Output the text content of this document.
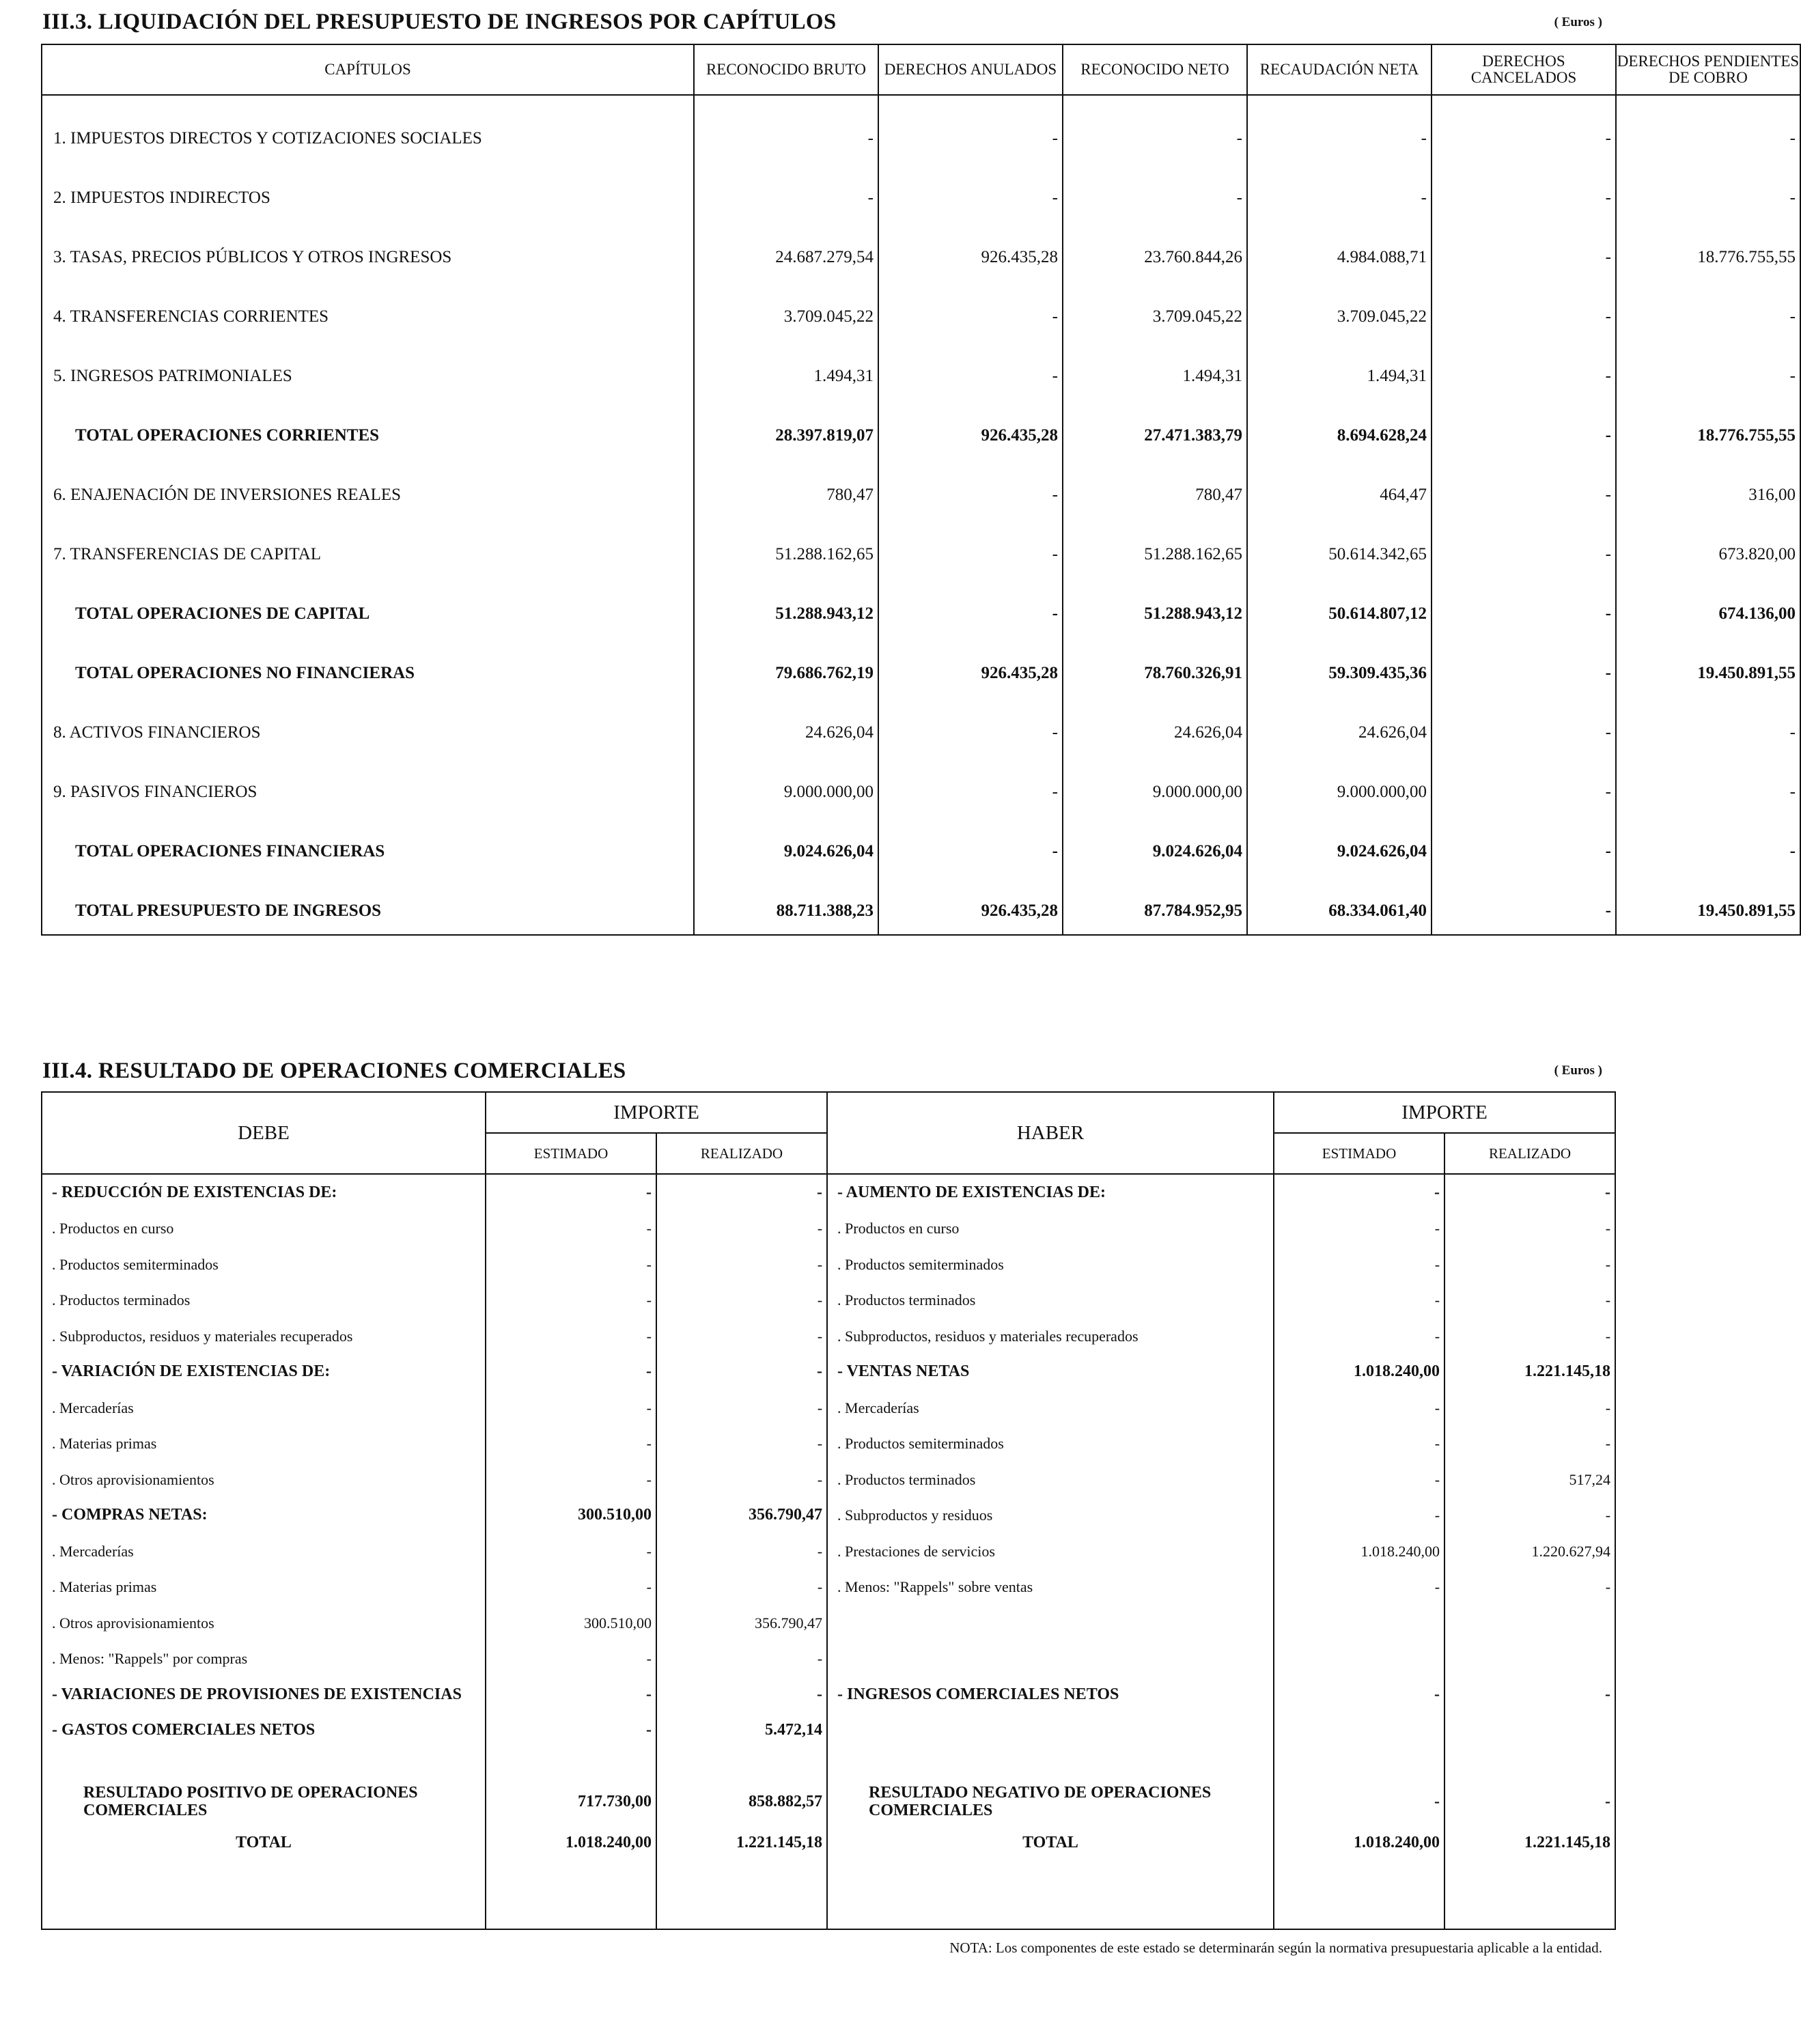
III.3. LIQUIDACIÓN DEL PRESUPUESTO DE INGRESOS POR CAPÍTULOS	( Euros )
CAPÍTULOS	RECONOCIDO BRUTO	DERECHOS ANULADOS	RECONOCIDO NETO	RECAUDACIÓN NETA	DERECHOS CANCELADOS	DERECHOS PENDIENTES DE COBRO
1. IMPUESTOS DIRECTOS Y COTIZACIONES SOCIALES	-	-	-	-	-	-
2. IMPUESTOS INDIRECTOS	-	-	-	-	-	-
3. TASAS, PRECIOS PÚBLICOS Y OTROS INGRESOS	24.687.279,54	926.435,28	23.760.844,26	4.984.088,71	-	18.776.755,55
4. TRANSFERENCIAS CORRIENTES	3.709.045,22	-	3.709.045,22	3.709.045,22	-	-
5. INGRESOS PATRIMONIALES	1.494,31	-	1.494,31	1.494,31	-	-
TOTAL OPERACIONES CORRIENTES	28.397.819,07	926.435,28	27.471.383,79	8.694.628,24	-	18.776.755,55
6. ENAJENACIÓN DE INVERSIONES REALES	780,47	-	780,47	464,47	-	316,00
7. TRANSFERENCIAS DE CAPITAL	51.288.162,65	-	51.288.162,65	50.614.342,65	-	673.820,00
TOTAL OPERACIONES DE CAPITAL	51.288.943,12	-	51.288.943,12	50.614.807,12	-	674.136,00
TOTAL OPERACIONES NO FINANCIERAS	79.686.762,19	926.435,28	78.760.326,91	59.309.435,36	-	19.450.891,55
8. ACTIVOS FINANCIEROS	24.626,04	-	24.626,04	24.626,04	-	-
9. PASIVOS FINANCIEROS	9.000.000,00	-	9.000.000,00	9.000.000,00	-	-
TOTAL OPERACIONES FINANCIERAS	9.024.626,04	-	9.024.626,04	9.024.626,04	-	-
TOTAL PRESUPUESTO DE INGRESOS	88.711.388,23	926.435,28	87.784.952,95	68.334.061,40	-	19.450.891,55

III.4. RESULTADO DE OPERACIONES COMERCIALES	( Euros )
DEBE	IMPORTE		HABER	IMPORTE	
	ESTIMADO	REALIZADO		ESTIMADO	REALIZADO
- REDUCCIÓN DE EXISTENCIAS DE:	-	-	- AUMENTO DE EXISTENCIAS DE:	-	-
. Productos en curso	-	-	. Productos en curso	-	-
. Productos semiterminados	-	-	. Productos semiterminados	-	-
. Productos terminados	-	-	. Productos terminados	-	-
. Subproductos, residuos y materiales recuperados	-	-	. Subproductos, residuos y materiales recuperados	-	-
- VARIACIÓN DE EXISTENCIAS DE:	-	-	- VENTAS NETAS	1.018.240,00	1.221.145,18
. Mercaderías	-	-	. Mercaderías	-	-
. Materias primas	-	-	. Productos semiterminados	-	-
. Otros aprovisionamientos	-	-	. Productos terminados	-	517,24
- COMPRAS NETAS:	300.510,00	356.790,47	. Subproductos y residuos	-	-
. Mercaderías	-	-	. Prestaciones de servicios	1.018.240,00	1.220.627,94
. Materias primas	-	-	. Menos: "Rappels" sobre ventas	-	-
. Otros aprovisionamientos	300.510,00	356.790,47			
. Menos: "Rappels" por compras	-	-			
- VARIACIONES DE PROVISIONES DE EXISTENCIAS	-	-	- INGRESOS COMERCIALES NETOS	-	-
- GASTOS COMERCIALES NETOS	-	5.472,14			

RESULTADO POSITIVO DE OPERACIONES COMERCIALES	717.730,00	858.882,57	RESULTADO NEGATIVO DE OPERACIONES COMERCIALES	-	-
TOTAL	1.018.240,00	1.221.145,18	TOTAL	1.018.240,00	1.221.145,18

NOTA: Los componentes de este estado se determinarán según la normativa presupuestaria aplicable a la entidad.
